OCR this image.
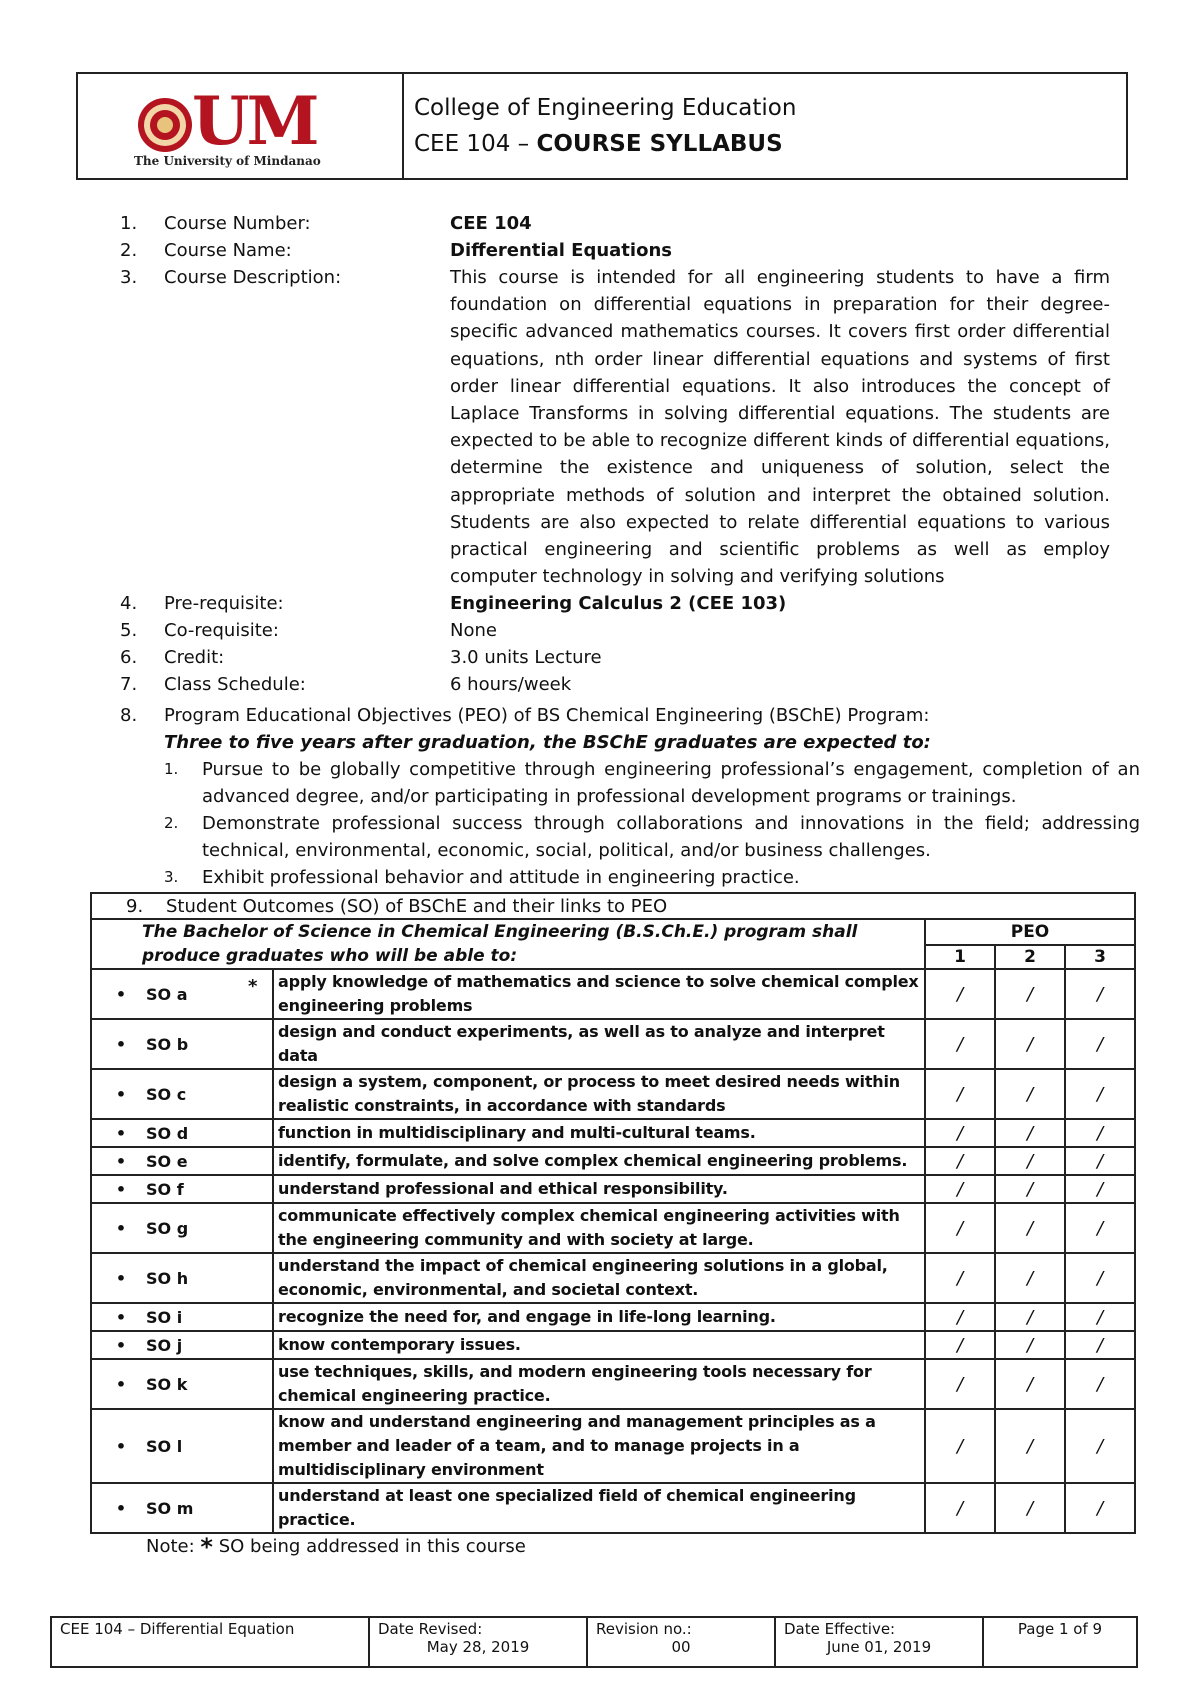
UM
The University of Mindanao
College of Engineering Education
CEE 104 – COURSE SYLLABUS
1.	Course Number:	CEE 104
2.	Course Name:	Differential Equations
3.	Course Description:	This course is intended for all engineering students to have a firm foundation on differential equations in preparation for their degree-specific advanced mathematics courses. It covers first order differential equations, nth order linear differential equations and systems of first order linear differential equations. It also introduces the concept of Laplace Transforms in solving differential equations. The students are expected to be able to recognize different kinds of differential equations, determine the existence and uniqueness of solution, select the appropriate methods of solution and interpret the obtained solution. Students are also expected to relate differential equations to various practical engineering and scientific problems as well as employ computer technology in solving and verifying solutions
4.	Pre-requisite:	Engineering Calculus 2 (CEE 103)
5.	Co-requisite:	None
6.	Credit:	3.0 units Lecture
7.	Class Schedule:	6 hours/week
8.	Program Educational Objectives (PEO) of BS Chemical Engineering (BSChE) Program:
Three to five years after graduation, the BSChE graduates are expected to:
1.	Pursue to be globally competitive through engineering professional’s engagement, completion of an advanced degree, and/or participating in professional development programs or trainings.
2.	Demonstrate professional success through collaborations and innovations in the field; addressing technical, environmental, economic, social, political, and/or business challenges.
3.	Exhibit professional behavior and attitude in engineering practice.
9. Student Outcomes (SO) of BSChE and their links to PEO				
The Bachelor of Science in Chemical Engineering (B.S.Ch.E.) program shall produce graduates who will be able to:		PEO		
		1	2	3
• SO a *	apply knowledge of mathematics and science to solve chemical complex engineering problems	/	/	/
• SO b	design and conduct experiments, as well as to analyze and interpret data	/	/	/
• SO c	design a system, component, or process to meet desired needs within realistic constraints, in accordance with standards	/	/	/
• SO d	function in multidisciplinary and multi-cultural teams.	/	/	/
• SO e	identify, formulate, and solve complex chemical engineering problems.	/	/	/
• SO f	understand professional and ethical responsibility.	/	/	/
• SO g	communicate effectively complex chemical engineering activities with the engineering community and with society at large.	/	/	/
• SO h	understand the impact of chemical engineering solutions in a global, economic, environmental, and societal context.	/	/	/
• SO i	recognize the need for, and engage in life-long learning.	/	/	/
• SO j	know contemporary issues.	/	/	/
• SO k	use techniques, skills, and modern engineering tools necessary for chemical engineering practice.	/	/	/
• SO l	know and understand engineering and management principles as a member and leader of a team, and to manage projects in a multidisciplinary environment	/	/	/
• SO m	understand at least one specialized field of chemical engineering practice.	/	/	/
Note: * SO being addressed in this course
CEE 104 – Differential Equation	Date Revised:
May 28, 2019

Revision no.:
00

Date Effective:
June 01, 2019

Page 1 of 9
